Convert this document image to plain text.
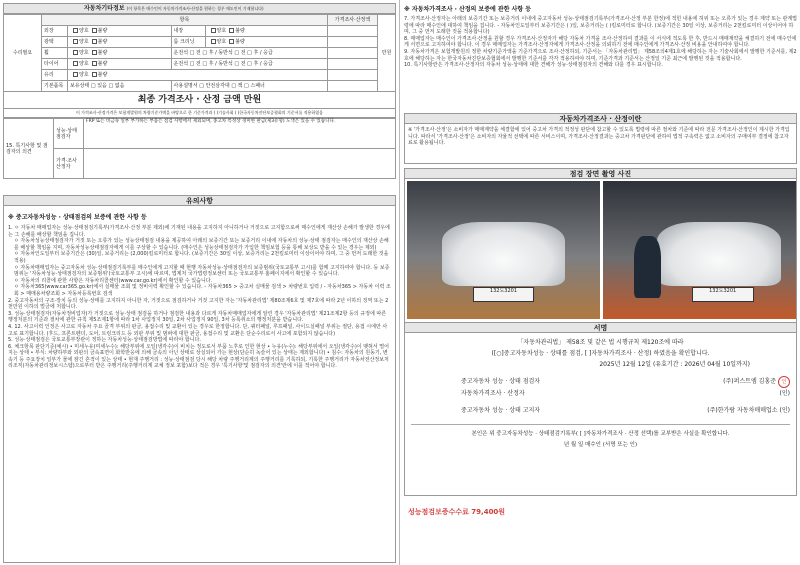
자동차기타정보 (이 항목은 매수인이 자동차가격조사·산정을 원하는 경우 매도인이 기재합니다)
수리필요	항목				가격조사·산정액	만원
	외장	양호 불량	내장	양호 불량		
	광택	양호 불량	룸 크리닝	양호 불량		
	휠	양호 불량	운전석 □ 전 □ 후 / 동반석 □ 전 □ 후 / 응급			
	타이어	양호 불량	운전석 □ 전 □ 후 / 동반석 □ 전 □ 후 / 응급			
	유리	양호 불량				
	기본품목	보유상태 □ 있음 □ 없음	사용설명서 □ 안전삼각대 □ 잭 □ 스패너			
최종 가격조사 · 산정 금액 만원
이 가격조사·산정가격은 보험개발원의 차량기준가액을 바탕으로 한 기준가격과 ( )기술사회 ( )한국자동차진단보증협회의 기준서를 적용하였음
15. 특기사항 및 점검자의 의견	성능·상태 점검자	FRP 또는 비금속 일부 부가하는 부품은 점검 사항에서 제외되며, 종고차 특성상 경미한 판금(제3유형) 도색은 있을 수 있습니다.
	가격·조사 산정자	
유의사항
※ 중고자동차성능 · 상태점검의 보증에 관한 사항 등
1. ㅇ 자동차 매매업자는 성능·상태점검기록부(가격조사·산정 부분 제외)에 기재된 내용을 고지하지 아니하거나 거짓으로 고지함으로써 매수인에게 재산상 손해가 발생한 경우에는 그 손해를 배상할 책임을 집니다.
ㅇ 자동차성능상태점검자가 거짓 또는 오류가 있는 성능상태점검 내용을 제공하여 아래의 보증기간 또는 보증거리 이내에 자동차의 성능·상태 점검자는 매수인의 재산상 손해를 배상할 책임을 지며, 자동차성능상태점검자에게 이를 구상할 수 있습니다. (매수인은 성능상태점검자가 가입한 책임보험 등을 통해 보상도 받을 수 있는 경우는 제외)
ㅇ 자동차인도일부터 보증기간은 (30)일, 보증거리는 (2,000)킬로미터로 합니다. (보증기간은 30일 이상, 보증거리는 2천킬로미터 이상이어야 하며, 그 중 먼저 도래한 것을 적용)
ㅇ 자동차매매업자는 중고자동차 성능·상태점검기록부를 매수인에게 고지할 때 현행 자동차성능·상태점검자의 보증범위(국토교통부 고시)를 함께 고지하여야 합니다. 등 보증범위는 '자동차성능·상태점검자의 보증범위'(국토교통부 고시)에 따르며, 법제처 국가법령정보센터 또는 국토교통부 홈페이지에서 확인할 수 있습니다.
ㅇ 자동차의 리콜에 관한 사항은 자동차리콜센터(www.car.go.kr)에서 확인할 수 있습니다.
ㅇ 자동차365(www.car365.go.kr)에서 실매물 조회 및 정비이력 확인할 수 있습니다. - 자동차365 > 중고차 실매물 검색 > 차량번호 입력 / - 자동차365 > 자동차 이력 조회 > 매매용차량조회 > 자동차등록번호 검색
2. 중고자동차의 구조·장치 등의 성능·상태를 고지하지 아니한 자, 거짓으로 점검하거나 거짓 고지한 자는 '자동차관리법' 제80조제6호 및 제7호에 따라 2년 이하의 징역 또는 2천만원 이하의 벌금에 처합니다.
3. 성능·상태점검자(자동차정비업자)가 거짓으로 성능·상태 점검을 하거나 점검한 내용과 다르게 자동차매매업자에게 알린 경우 '자동차관리법' 제21조제2항 등의 규정에 따른 행정처분의 기준과 절차에 관한 규칙 제5조제1항에 따라 1차 사업정지 30일, 2차 사업정지 90일, 3차 등록취소의 행정처분을 받습니다.
4. 12. 사고이력 인정은 사고로 자동차 주요 골격 부위의 판금, 용접수리 및 교환이 있는 경우로 한정합니다. 단, 쿼터패널, 루프패널, 사이드실패널 부위는 절단, 용접 시에만 사고로 표기합니다. (후드, 프론트펜더, 도어, 트렁크리드 등 외판 부위 및 범퍼에 대한 판금, 용접수리 및 교환은 단순수리로서 사고에 포함되지 않습니다)
5. 성능·상태점검은 국토교통부장관이 정하는 자동차성능·상태점검방법에 따라야 합니다.
6. 체크항목 판단기준(예시) • 미세누유(미세누수): 해당부위에 오일(냉각수)이 비치는 정도로서 부품 노후로 인한 현상 • 누유(누수): 해당부위에서 오일(냉각수)이 맺혀서 떨어지는 상태 • 부식: 차량하부와 외판의 금속표면이 화학반응에 의해 금속의 아닌 상태로 상실되어 가는 현상(단순히 녹슬어 있는 상태는 제외합니다) • 침수: 자동차의 원동기, 변속기 등 주요장치 일부가 물에 잠긴 흔적이 있는 상태 • 현재 주행거리 : 성능·상태점검 당시 해당 차량 주행거리계의 주행거리를 기록하되, 기록한 주행거리가 자동차전산정보처리조직(자동차관리정보시스템)으로부터 받은 주행거리(주행거리계 교체 정보 포함)보다 적은 경우 '특기사항'및 점검자의 의견'란에 이를 적어야 합니다.
※ 자동차가격조사 · 산정의 보증에 관한 사항 등
7. 가격조사·산정자는 아래의 보증기간 또는 보증거리 이내에 중고자동차 성능·상태점검기록부(가격조사·산정 부분 한정)에 적힌 내용에 허위 또는 오류가 있는 경우 계약 또는 관계법령에 따라 매수인에 대하여 책임을 집니다. - 자동차인도일부터 보증기간은 ( )일, 보증거리는 ( )킬로미터로 합니다. (보증기간은 30일 이상, 보증거리는 2천킬로미터 이상이어야 하며, 그 중 먼저 도래한 것을 적용합니다)
8. 매매업자는 매수인이 가격조사·산정을 원할 경우 가격조사·산정자가 해당 자동차 가격을 조사·산정하여 결과를 이 서식에 적도록 한 후, 반드시 매매계약을 체결하기 전에 매수인에게 서면으로 고지하여야 합니다. 이 경우 매매업자는 가격조사·산정자에게 가격조사·산정을 의뢰하기 전에 매수인에게 가격조사·산정 비용을 안내하여야 합니다.
9. 자동차가격은 보험개발원의 정한 차량기준가액을 기준가격으로 조사·산정하되, 기준서는 「자동차관리법」 제58조의4제1호에 해당하는 자는 기술사회에서 발행한 기준서를, 제2호에 해당하는 자는 한국자동차진단보증협회에서 발행한 기준서를 각각 적용하여야 하며, 기준가격과 기준서는 산정일 기준 최근에 발행된 것을 적용합니다.
10. 특기사항란은 가격조사·산정자의 자동차 성능·상태에 대한 견해가 성능·상태점검자의 견해와 다를 경우 표시합니다.
자동차가격조사 · 산정이란
※ '가격조사·산정'은 소비자가 매매계약을 체결함에 있어 중고차 가격의 적정성 판단에 참고할 수 있도록 법령에 따른 절차와 기준에 따라 전문 가격조사·산정인이 제시한 가격입니다. 따라서 '가격조사·산정'은 소비자의 자율적 선택에 따른 서비스이며, 가격조사·산정결과는 중고차 가격판단에 관하여 법적 구속력은 없고 소비자의 구매여부 결정에 참고자료로 활용됩니다.
점검 장면 촬영 사진
132도3201	132도3201
서명
「자동차관리법」 제58조 및 같은 법 시행규칙 제120조에 따라
([○]중고자동차성능 · 상태를 점검, [ ]자동차가격조사 · 산정) 하였음을 확인합니다.
2025년 12월 12일 (유효기간 : 2026년 04월 10일까지)
중고자동차 성능 · 상태 점검자	(주)퍼스트엠 김홍준 인
자동차가격조사 · 산정자	(인)
중고자동차 성능 · 상태 고지자	(주)한가람 자동차매매업소 (인)
본인은 위 중고자동차성능 · 상태점검기록부( [ ]자동차가격조사 · 산정 선택)를 교부받은 사실을 확인합니다.
년 월 일 매수인 (서명 또는 인)
성능점검보증수수료 79,400원
